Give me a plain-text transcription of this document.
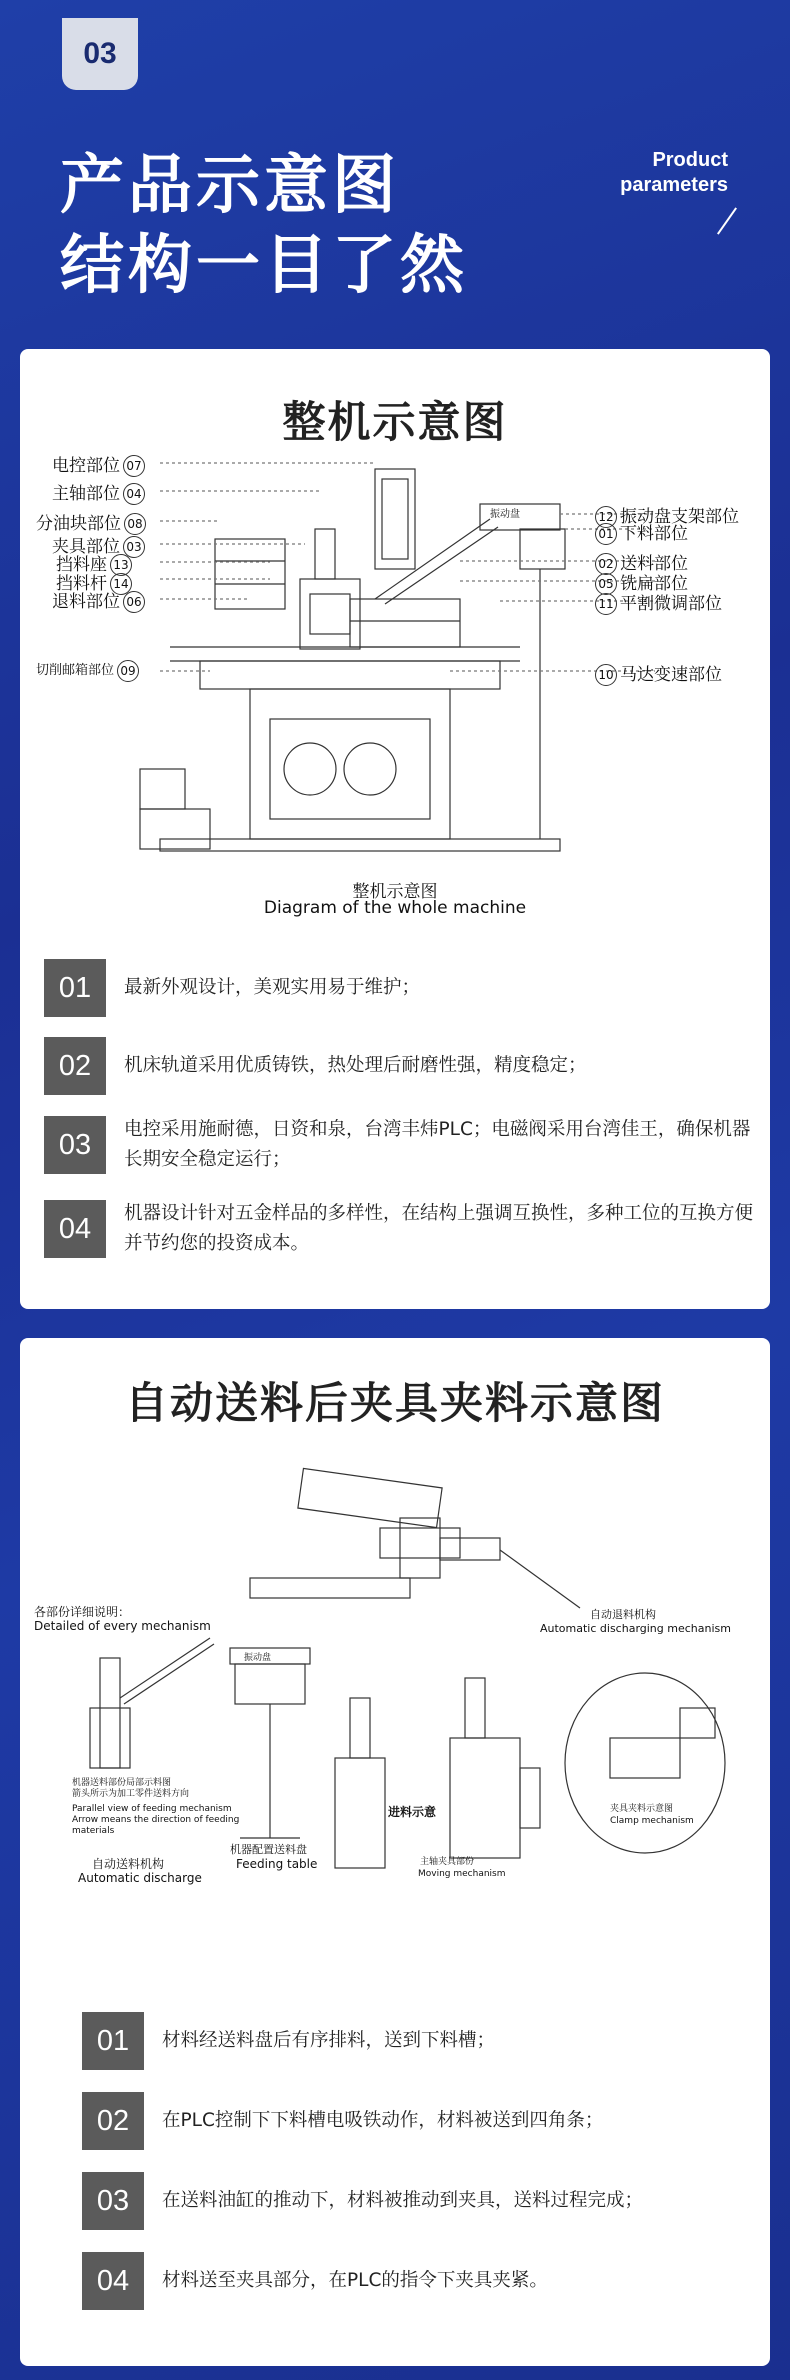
03
产品示意图
结构一目了然
Product
parameters
整机示意图
电控部位 07
主轴部位 04
分油块部位 08
夹具部位 03
挡料座 13
挡料杆 14
退料部位 06
切削邮箱部位 09
12 振动盘支架部位
01 下料部位
02 送料部位
05 铣扁部位
11 平割微调部位
10 马达变速部位
振动盘
整机示意图
Diagram of the whole machine
01	最新外观设计，美观实用易于维护；
02	机床轨道采用优质铸铁，热处理后耐磨性强，精度稳定；
03	电控采用施耐德，日资和泉，台湾丰炜PLC；电磁阀采用台湾佳王，确保机器长期安全稳定运行；
04	机器设计针对五金样品的多样性，在结构上强调互换性，多种工位的互换方便并节约您的投资成本。
自动送料后夹具夹料示意图
各部份详细说明：
Detailed of every mechanism
自动退料机构
Automatic discharging mechanism
振动盘
机器送料部份局部示料图
箭头所示为加工零件送料方向
Parallel view of feeding mechanism
Arrow means the direction of feeding
materials
自动送料机构
Automatic discharge
机器配置送料盘
Feeding table
进料示意
主轴夹具部份
Moving mechanism
夹具夹料示意图
Clamp mechanism
01	材料经送料盘后有序排料，送到下料槽；
02	在PLC控制下下料槽电吸铁动作，材料被送到四角条；
03	在送料油缸的推动下，材料被推动到夹具，送料过程完成；
04	材料送至夹具部分，在PLC的指令下夹具夹紧。
